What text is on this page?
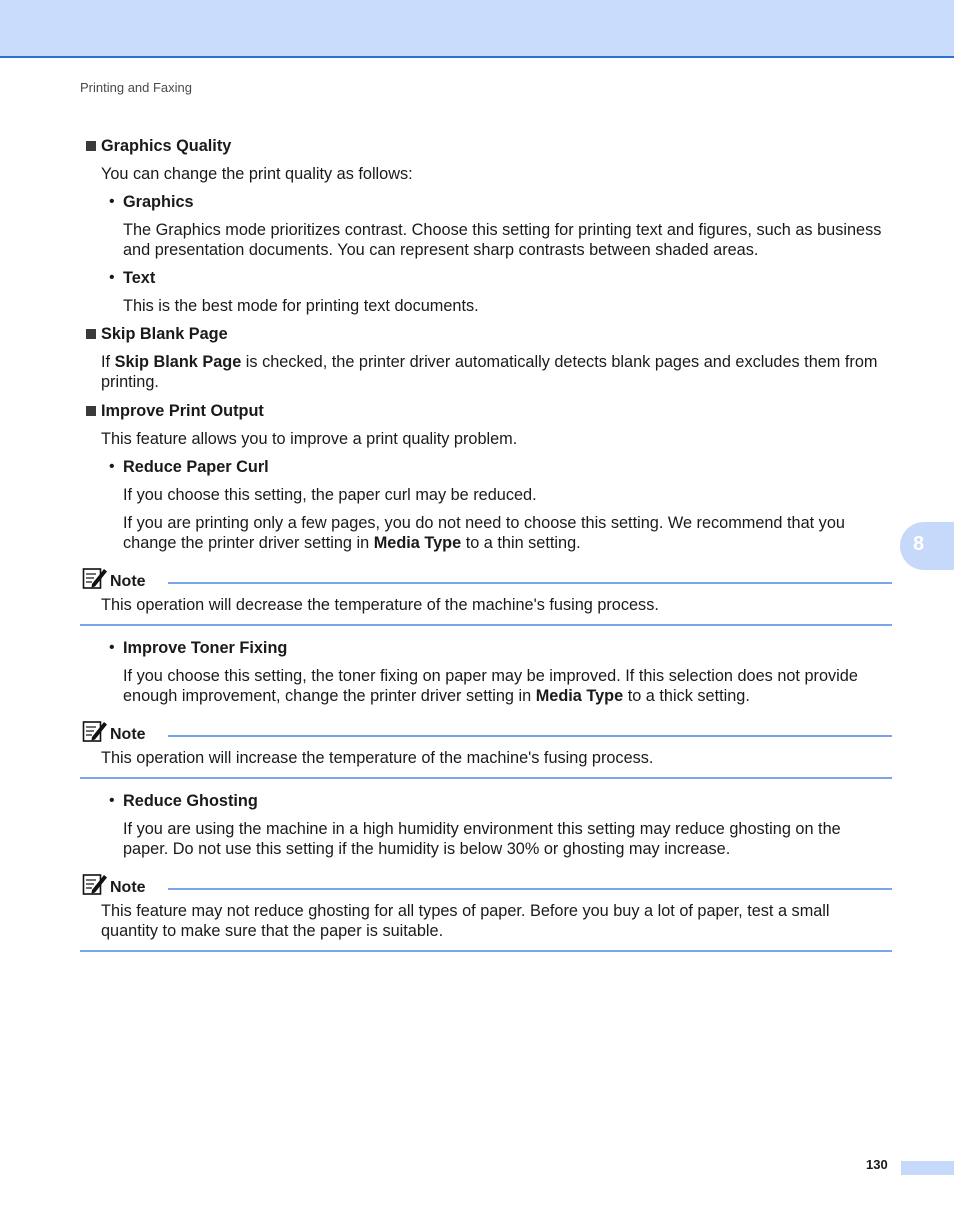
Printing and Faxing
8

Graphics Quality

You can change the print quality as follows:

• Graphics

The Graphics mode prioritizes contrast. Choose this setting for printing text and figures, such as business and presentation documents. You can represent sharp contrasts between shaded areas.

• Text

This is the best mode for printing text documents.

Skip Blank Page

If Skip Blank Page is checked, the printer driver automatically detects blank pages and excludes them from printing.

Improve Print Output

This feature allows you to improve a print quality problem.

• Reduce Paper Curl

If you choose this setting, the paper curl may be reduced.

If you are printing only a few pages, you do not need to choose this setting. We recommend that you change the printer driver setting in Media Type to a thin setting.

Note

This operation will decrease the temperature of the machine's fusing process.

• Improve Toner Fixing

If you choose this setting, the toner fixing on paper may be improved. If this selection does not provide enough improvement, change the printer driver setting in Media Type to a thick setting.

Note

This operation will increase the temperature of the machine's fusing process.

• Reduce Ghosting

If you are using the machine in a high humidity environment this setting may reduce ghosting on the paper. Do not use this setting if the humidity is below 30% or ghosting may increase.

Note

This feature may not reduce ghosting for all types of paper. Before you buy a lot of paper, test a small quantity to make sure that the paper is suitable.

130
